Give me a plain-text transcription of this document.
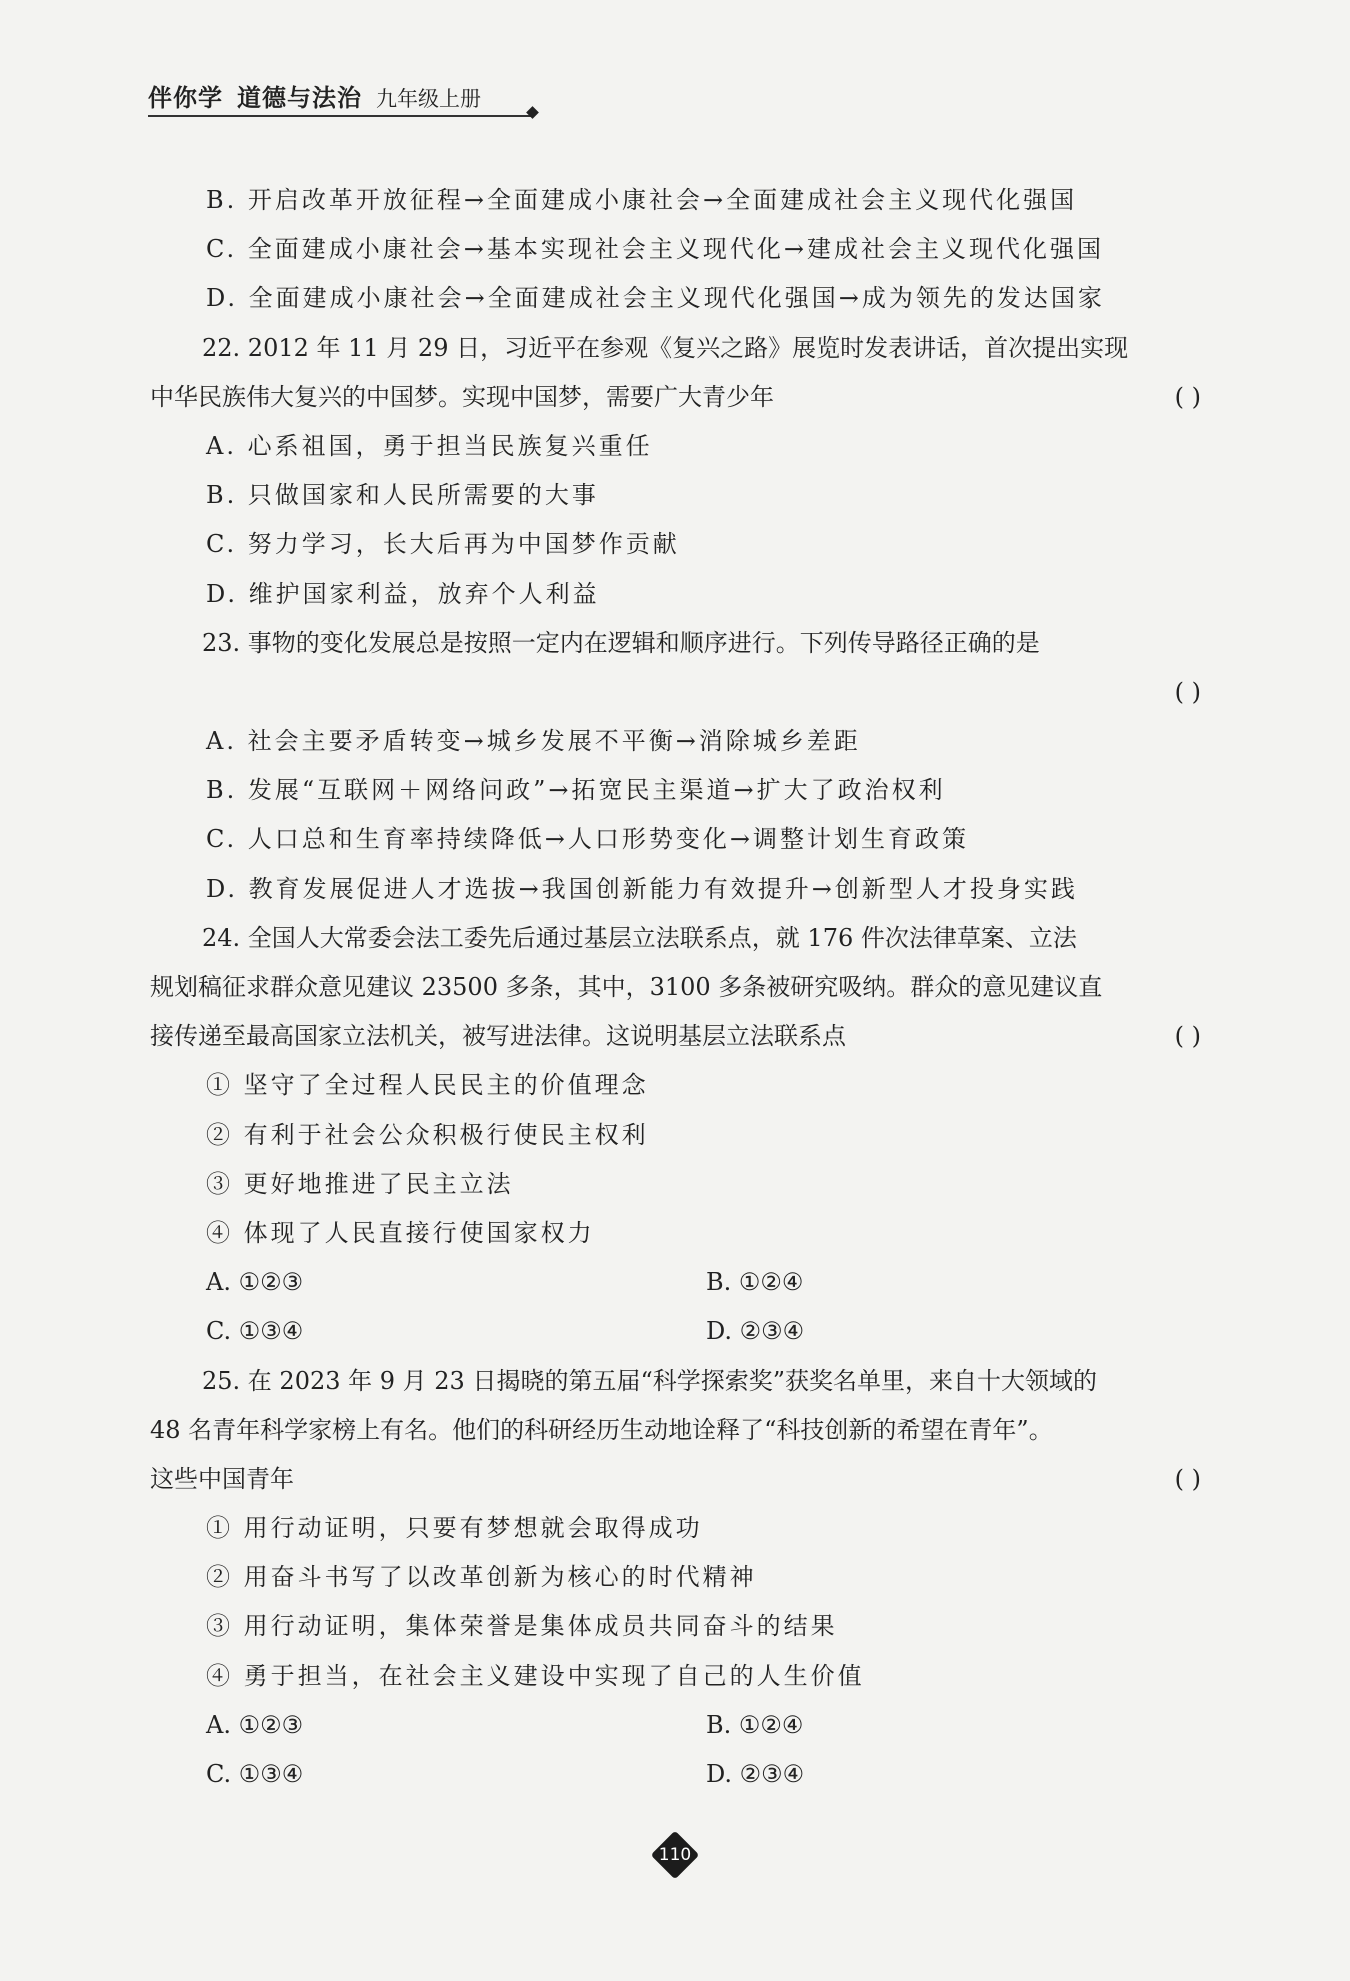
伴你学 道德与法治 九年级上册
B. 开启改革开放征程→全面建成小康社会→全面建成社会主义现代化强国
C. 全面建成小康社会→基本实现社会主义现代化→建成社会主义现代化强国
D. 全面建成小康社会→全面建成社会主义现代化强国→成为领先的发达国家
22. 2012 年 11 月 29 日，习近平在参观《复兴之路》展览时发表讲话，首次提出实现
中华民族伟大复兴的中国梦。实现中国梦，需要广大青少年	( )
A. 心系祖国，勇于担当民族复兴重任
B. 只做国家和人民所需要的大事
C. 努力学习，长大后再为中国梦作贡献
D. 维护国家利益，放弃个人利益
23. 事物的变化发展总是按照一定内在逻辑和顺序进行。下列传导路径正确的是
( )
A. 社会主要矛盾转变→城乡发展不平衡→消除城乡差距
B. 发展“互联网＋网络问政”→拓宽民主渠道→扩大了政治权利
C. 人口总和生育率持续降低→人口形势变化→调整计划生育政策
D. 教育发展促进人才选拔→我国创新能力有效提升→创新型人才投身实践
24. 全国人大常委会法工委先后通过基层立法联系点，就 176 件次法律草案、立法
规划稿征求群众意见建议 23500 多条，其中，3100 多条被研究吸纳。群众的意见建议直
接传递至最高国家立法机关，被写进法律。这说明基层立法联系点	( )
① 坚守了全过程人民民主的价值理念
② 有利于社会公众积极行使民主权利
③ 更好地推进了民主立法
④ 体现了人民直接行使国家权力
A. ①②③	B. ①②④
C. ①③④	D. ②③④
25. 在 2023 年 9 月 23 日揭晓的第五届“科学探索奖”获奖名单里，来自十大领域的
48 名青年科学家榜上有名。他们的科研经历生动地诠释了“科技创新的希望在青年”。
这些中国青年	( )
① 用行动证明，只要有梦想就会取得成功
② 用奋斗书写了以改革创新为核心的时代精神
③ 用行动证明，集体荣誉是集体成员共同奋斗的结果
④ 勇于担当，在社会主义建设中实现了自己的人生价值
A. ①②③	B. ①②④
C. ①③④	D. ②③④
110
